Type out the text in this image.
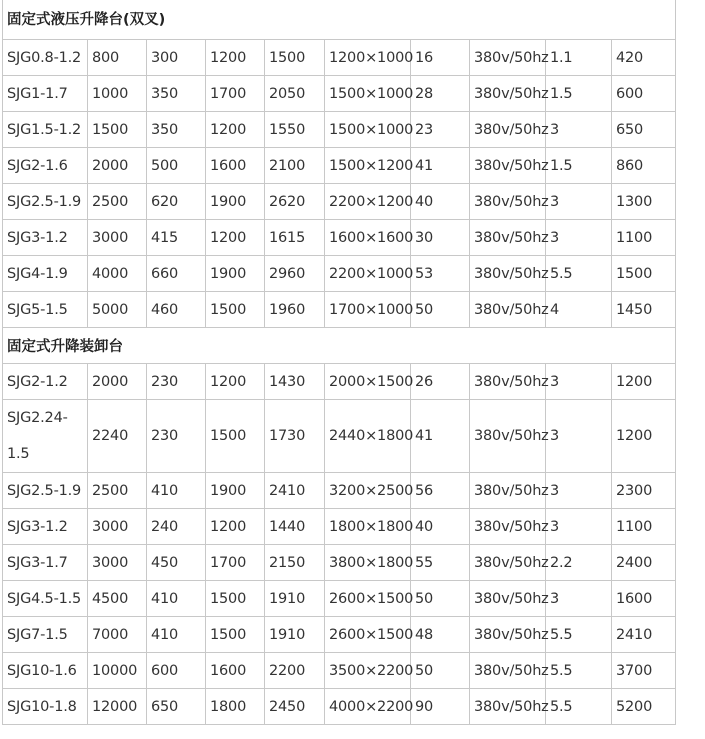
固定式液压升降台(双叉)									
SJG0.8-1.2	800	300	1200	1500	1200×1000	16	380v/50hz	1.1	420
SJG1-1.7	1000	350	1700	2050	1500×1000	28	380v/50hz	1.5	600
SJG1.5-1.2	1500	350	1200	1550	1500×1000	23	380v/50hz	3	650
SJG2-1.6	2000	500	1600	2100	1500×1200	41	380v/50hz	1.5	860
SJG2.5-1.9	2500	620	1900	2620	2200×1200	40	380v/50hz	3	1300
SJG3-1.2	3000	415	1200	1615	1600×1600	30	380v/50hz	3	1100
SJG4-1.9	4000	660	1900	2960	2200×1000	53	380v/50hz	5.5	1500
SJG5-1.5	5000	460	1500	1960	1700×1000	50	380v/50hz	4	1450
固定式升降装卸台									
SJG2-1.2	2000	230	1200	1430	2000×1500	26	380v/50hz	3	1200
SJG2.24-1.5	2240	230	1500	1730	2440×1800	41	380v/50hz	3	1200
SJG2.5-1.9	2500	410	1900	2410	3200×2500	56	380v/50hz	3	2300
SJG3-1.2	3000	240	1200	1440	1800×1800	40	380v/50hz	3	1100
SJG3-1.7	3000	450	1700	2150	3800×1800	55	380v/50hz	2.2	2400
SJG4.5-1.5	4500	410	1500	1910	2600×1500	50	380v/50hz	3	1600
SJG7-1.5	7000	410	1500	1910	2600×1500	48	380v/50hz	5.5	2410
SJG10-1.6	10000	600	1600	2200	3500×2200	50	380v/50hz	5.5	3700
SJG10-1.8	12000	650	1800	2450	4000×2200	90	380v/50hz	5.5	5200
